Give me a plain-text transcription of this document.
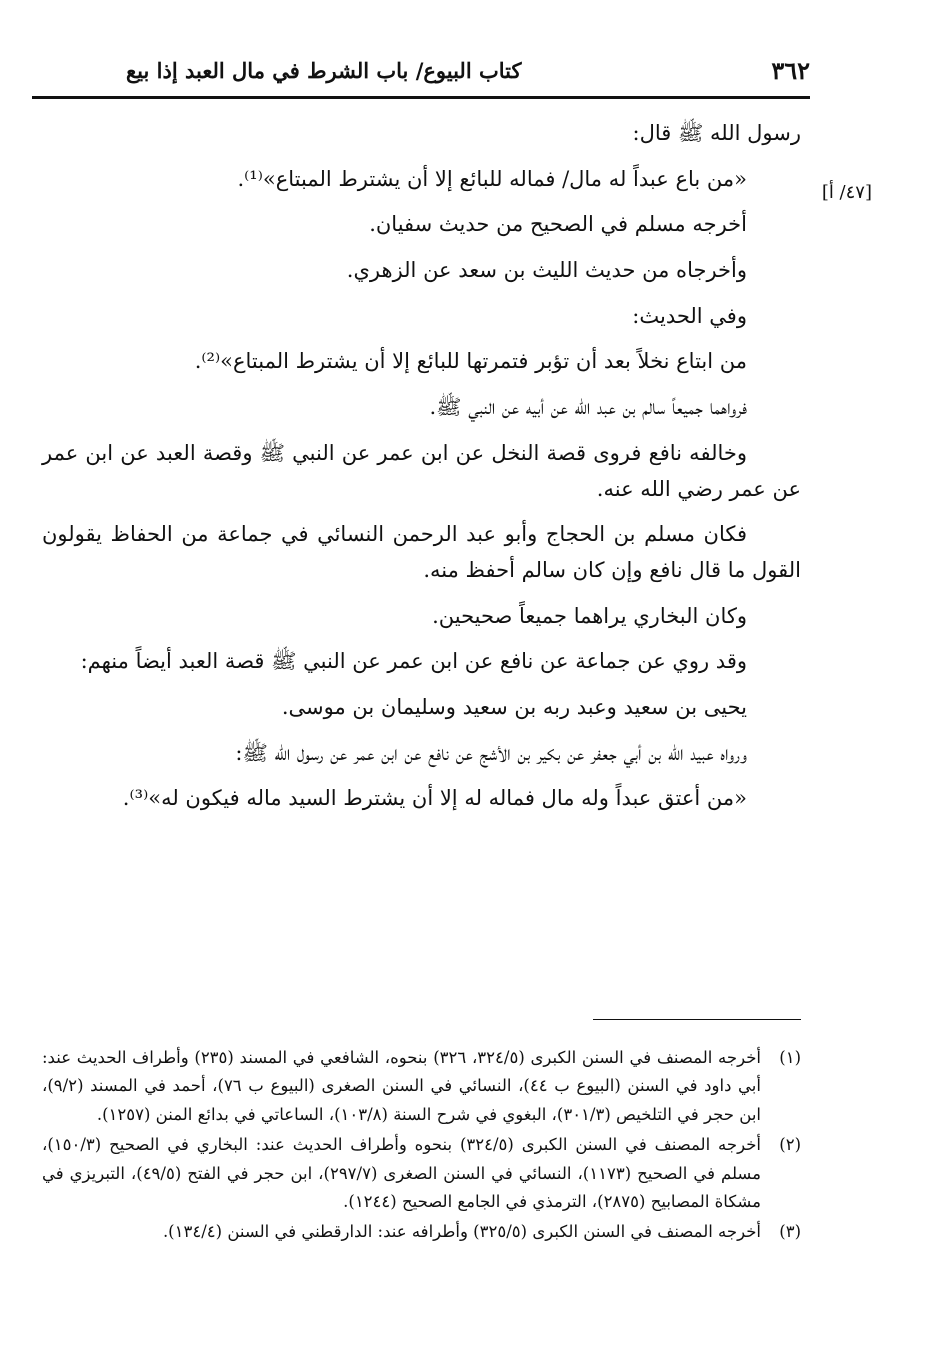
٣٦٢
كتاب البيوع/ باب الشرط في مال العبد إذا بيع
[٤٧/ أ]

رسول الله ﷺ قال:

«من باع عبداً له مال/ فماله للبائع إلا أن يشترط المبتاع»⁽¹⁾.

أخرجه مسلم في الصحيح من حديث سفيان.

وأخرجاه من حديث الليث بن سعد عن الزهري.

وفي الحديث:

من ابتاع نخلاً بعد أن تؤبر فتمرتها للبائع إلا أن يشترط المبتاع»⁽²⁾.

فرواهما جميعاً سالم بن عبد الله عن أبيه عن النبي ﷺ.

وخالفه نافع فروى قصة النخل عن ابن عمر عن النبي ﷺ وقصة العبد عن ابن عمر عن عمر رضي الله عنه.

فكان مسلم بن الحجاج وأبو عبد الرحمن النسائي في جماعة من الحفاظ يقولون القول ما قال نافع وإن كان سالم أحفظ منه.

وكان البخاري يراهما جميعاً صحيحين.

وقد روي عن جماعة عن نافع عن ابن عمر عن النبي ﷺ قصة العبد أيضاً منهم:

يحيى بن سعيد وعبد ربه بن سعيد وسليمان بن موسى.

ورواه عبيد الله بن أبي جعفر عن بكير بن الأشج عن نافع عن ابن عمر عن رسول الله ﷺ:

«من أعتق عبداً وله مال فماله له إلا أن يشترط السيد ماله فيكون له»⁽³⁾.

(١)
أخرجه المصنف في السنن الكبرى (٣٢٤/٥، ٣٢٦) بنحوه، الشافعي في المسند (٢٣٥) وأطراف الحديث عند: أبي داود في السنن (البيوع ب ٤٤)، النسائي في السنن الصغرى (البيوع ب ٧٦)، أحمد في المسند (٩/٢)، ابن حجر في التلخيص (٣٠١/٣)، البغوي في شرح السنة (١٠٣/٨)، الساعاتي في بدائع المنن (١٢٥٧).

(٢)
أخرجه المصنف في السنن الكبرى (٣٢٤/٥) بنحوه وأطراف الحديث عند: البخاري في الصحيح (١٥٠/٣)، مسلم في الصحيح (١١٧٣)، النسائي في السنن الصغرى (٢٩٧/٧)، ابن حجر في الفتح (٤٩/٥)، التبريزي في مشكاة المصابيح (٢٨٧٥)، الترمذي في الجامع الصحيح (١٢٤٤).

(٣)
أخرجه المصنف في السنن الكبرى (٣٢٥/٥) وأطرافه عند: الدارقطني في السنن (١٣٤/٤).
